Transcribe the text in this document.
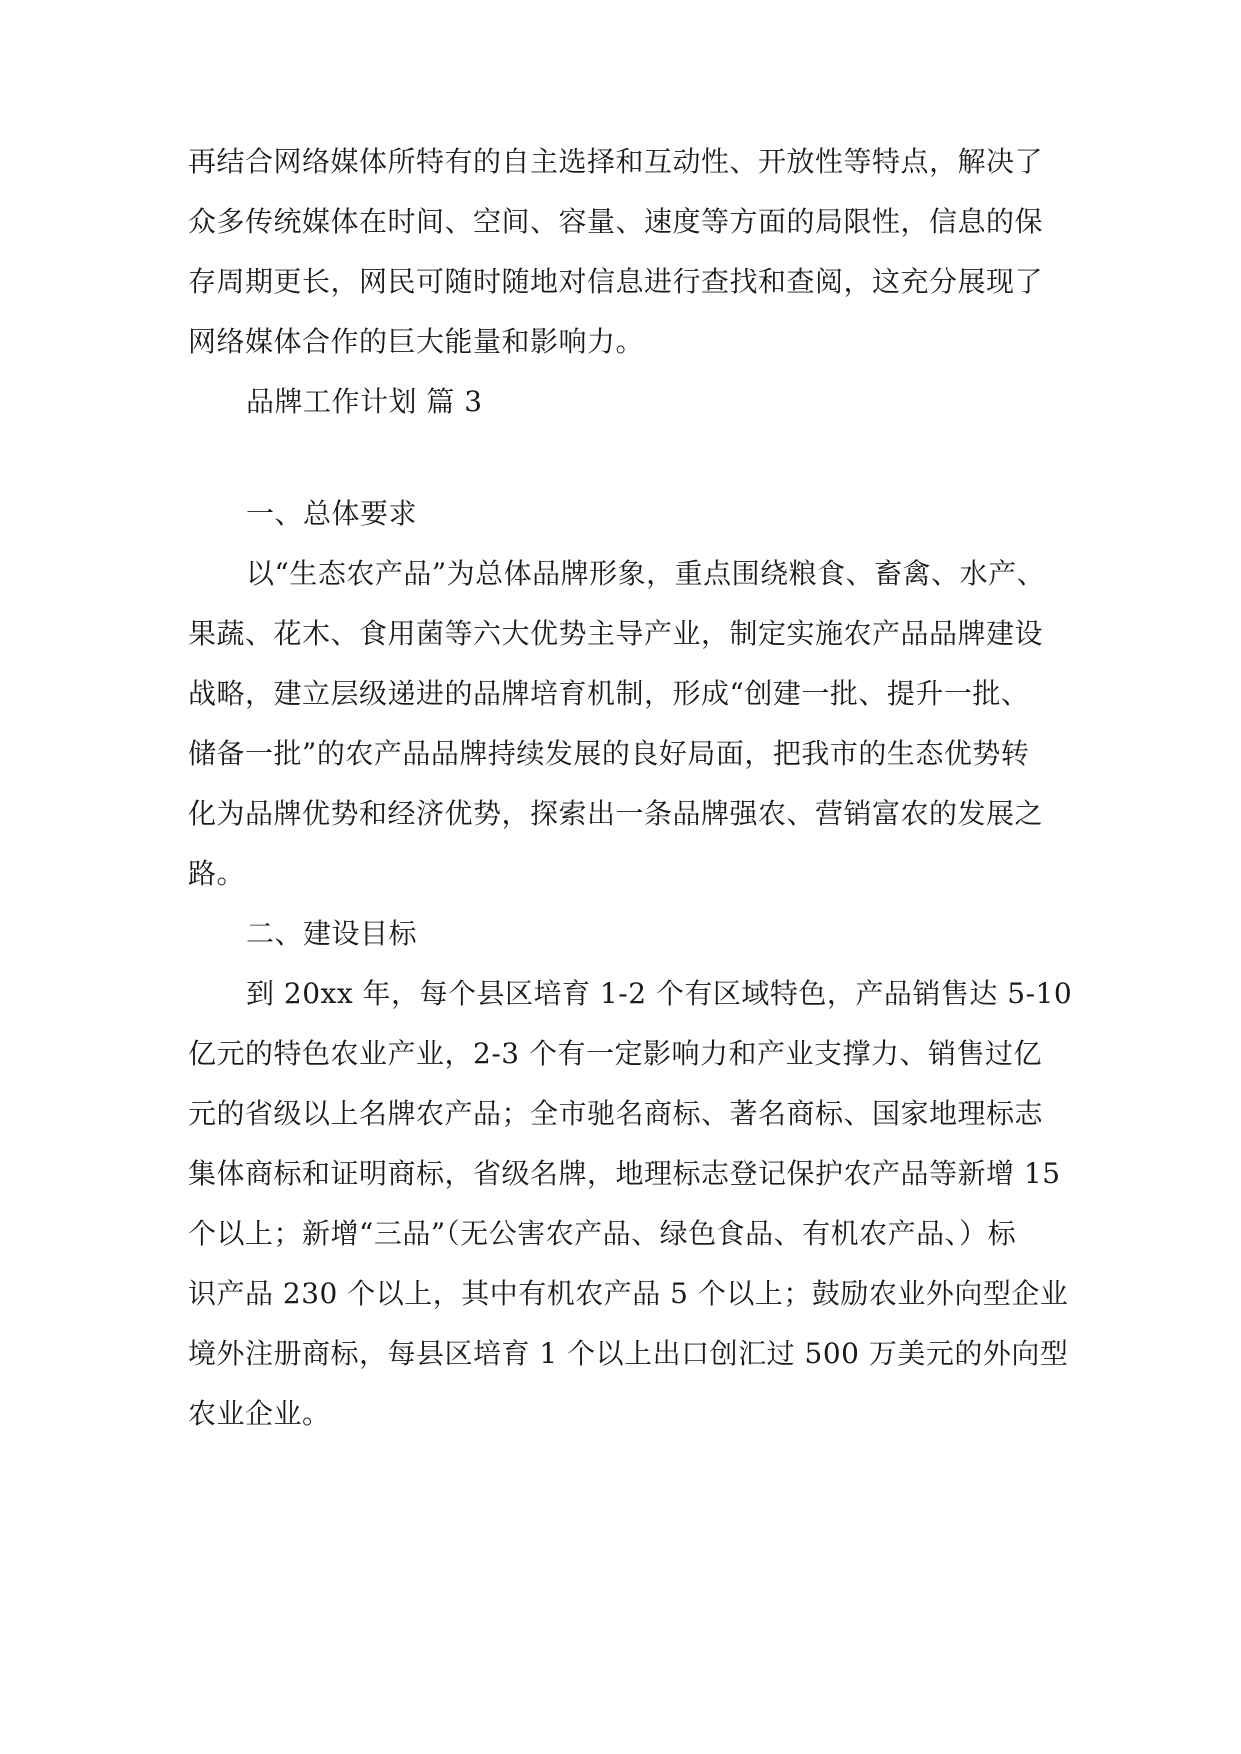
再结合网络媒体所特有的自主选择和互动性、开放性等特点，解决了
众多传统媒体在时间、空间、容量、速度等方面的局限性，信息的保
存周期更长，网民可随时随地对信息进行查找和查阅，这充分展现了
网络媒体合作的巨大能量和影响力。
品牌工作计划 篇 3
一、总体要求
以“生态农产品”为总体品牌形象，重点围绕粮食、畜禽、水产、
果蔬、花木、食用菌等六大优势主导产业，制定实施农产品品牌建设
战略，建立层级递进的品牌培育机制，形成“创建一批、提升一批、
储备一批”的农产品品牌持续发展的良好局面，把我市的生态优势转
化为品牌优势和经济优势，探索出一条品牌强农、营销富农的发展之
路。
二、建设目标
到 20xx 年，每个县区培育 1-2 个有区域特色，产品销售达 5-10
亿元的特色农业产业，2-3 个有一定影响力和产业支撑力、销售过亿
元的省级以上名牌农产品；全市驰名商标、著名商标、国家地理标志
集体商标和证明商标，省级名牌，地理标志登记保护农产品等新增 15
个以上；新增“三品”（无公害农产品、绿色食品、有机农产品、）标
识产品 230 个以上，其中有机农产品 5 个以上；鼓励农业外向型企业
境外注册商标，每县区培育 1 个以上出口创汇过 500 万美元的外向型
农业企业。
